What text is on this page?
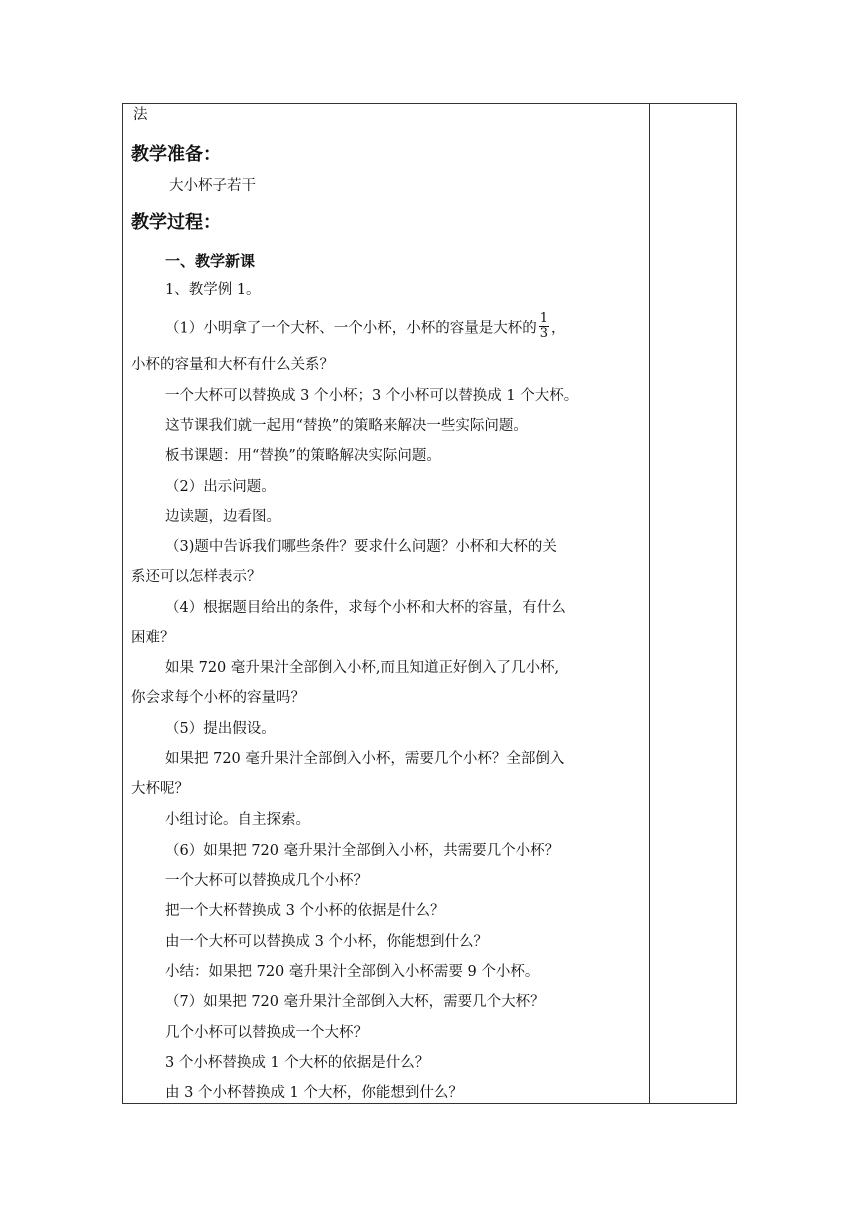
法
教学准备：
大小杯子若干
教学过程：
一、教学新课
1、教学例 1。
（1）小明拿了一个大杯、一个小杯，小杯的容量是大杯的 $\frac{1}{3}$ ，
小杯的容量和大杯有什么关系？
一个大杯可以替换成 3 个小杯；3 个小杯可以替换成 1 个大杯。
这节课我们就一起用“替换”的策略来解决一些实际问题。
板书课题：用“替换”的策略解决实际问题。
（2）出示问题。
边读题，边看图。
（3)题中告诉我们哪些条件？要求什么问题？小杯和大杯的关
系还可以怎样表示？
（4）根据题目给出的条件，求每个小杯和大杯的容量，有什么
困难？
如果 720 毫升果汁全部倒入小杯,而且知道正好倒入了几小杯,
你会求每个小杯的容量吗？
（5）提出假设。
如果把 720 毫升果汁全部倒入小杯，需要几个小杯？全部倒入
大杯呢？
小组讨论。自主探索。
（6）如果把 720 毫升果汁全部倒入小杯，共需要几个小杯？
一个大杯可以替换成几个小杯？
把一个大杯替换成 3 个小杯的依据是什么？
由一个大杯可以替换成 3 个小杯，你能想到什么？
小结：如果把 720 毫升果汁全部倒入小杯需要 9 个小杯。
（7）如果把 720 毫升果汁全部倒入大杯，需要几个大杯？
几个小杯可以替换成一个大杯？
3 个小杯替换成 1 个大杯的依据是什么？
由 3 个小杯替换成 1 个大杯，你能想到什么？
